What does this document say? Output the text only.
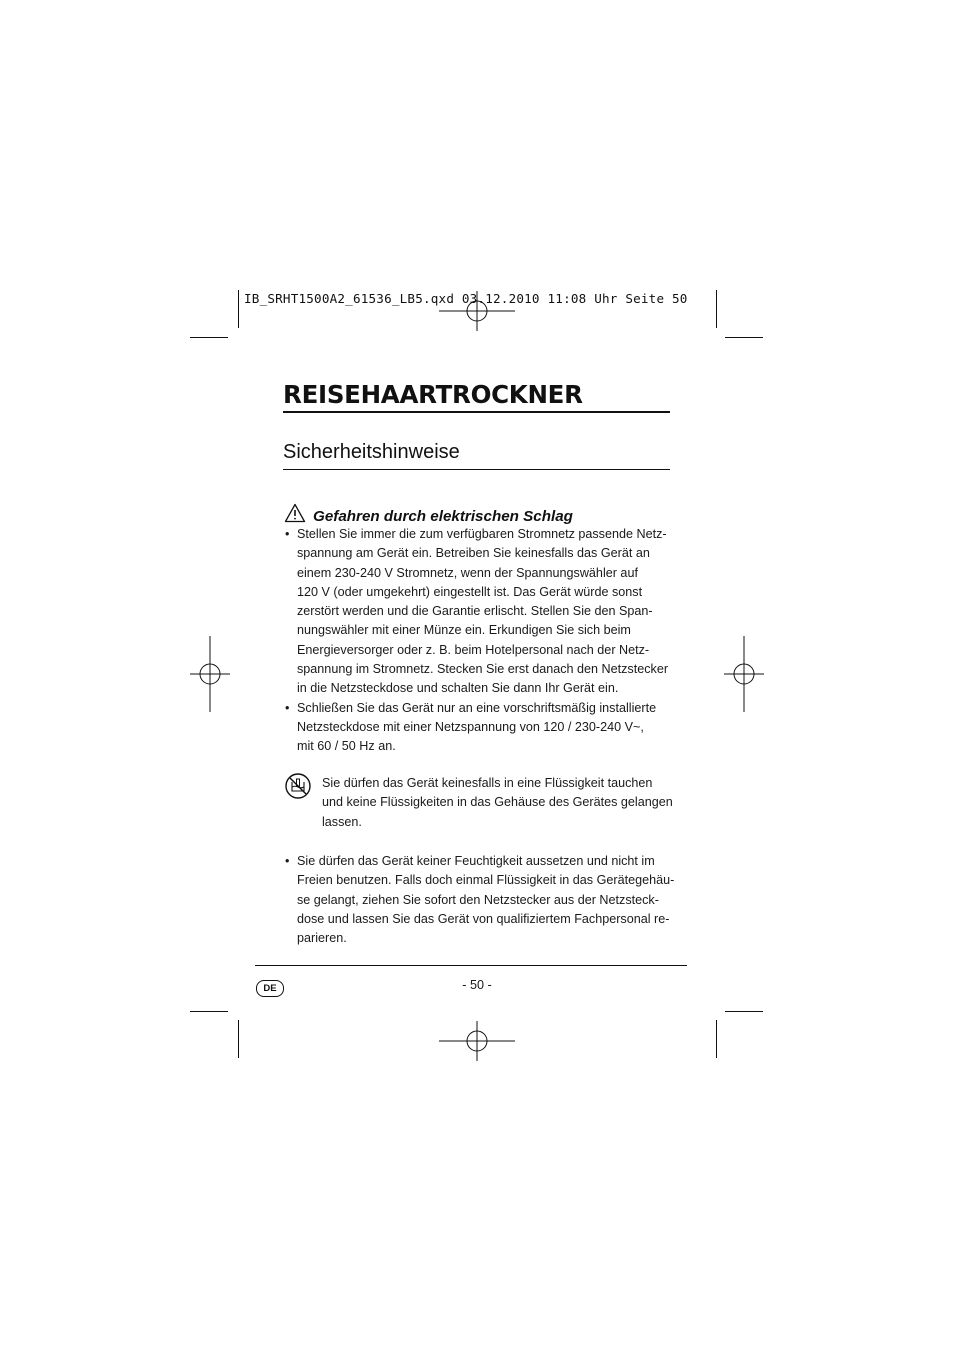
IB_SRHT1500A2_61536_LB5.qxd 03.12.2010 11:08 Uhr Seite 50
REISEHAARTROCKNER
Sicherheitshinweise
Gefahren durch elektrischen Schlag
• Stellen Sie immer die zum verfügbaren Stromnetz passende Netz-
spannung am Gerät ein. Betreiben Sie keinesfalls das Gerät an
einem 230-240 V Stromnetz, wenn der Spannungswähler auf
120 V (oder umgekehrt) eingestellt ist. Das Gerät würde sonst
zerstört werden und die Garantie erlischt. Stellen Sie den Span-
nungswähler mit einer Münze ein. Erkundigen Sie sich beim
Energieversorger oder z. B. beim Hotelpersonal nach der Netz-
spannung im Stromnetz. Stecken Sie erst danach den Netzstecker
in die Netzsteckdose und schalten Sie dann Ihr Gerät ein.
• Schließen Sie das Gerät nur an eine vorschriftsmäßig installierte
Netzsteckdose mit einer Netzspannung von 120 / 230-240 V~,
mit 60 / 50 Hz an.
Sie dürfen das Gerät keinesfalls in eine Flüssigkeit tauchen
und keine Flüssigkeiten in das Gehäuse des Gerätes gelangen
lassen.
• Sie dürfen das Gerät keiner Feuchtigkeit aussetzen und nicht im
Freien benutzen. Falls doch einmal Flüssigkeit in das Gerätegehäu-
se gelangt, ziehen Sie sofort den Netzstecker aus der Netzsteck-
dose und lassen Sie das Gerät von qualifiziertem Fachpersonal re-
parieren.
DE	- 50 -
